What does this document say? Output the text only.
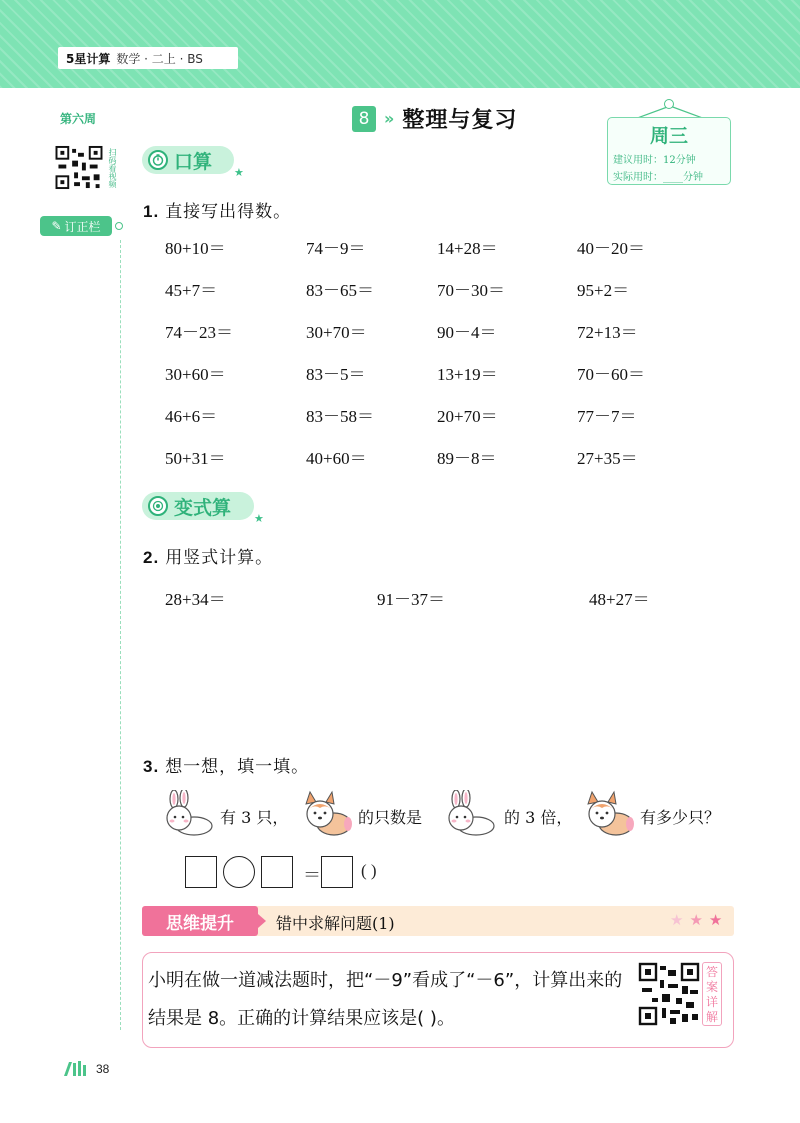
5星计算 数学 · 二上 · BS
第六周
扫码看视频
✎ 订正栏
8 » 整理与复习
周三
建议用时：12分钟
实际用时：____分钟
口算 ★
1. 直接写出得数。
80+10＝	74－9＝	14+28＝	40－20＝
45+7＝	83－65＝	70－30＝	95+2＝
74－23＝	30+70＝	90－4＝	72+13＝
30+60＝	83－5＝	13+19＝	70－60＝
46+6＝	83－58＝	20+70＝	77－7＝
50+31＝	40+60＝	89－8＝	27+35＝
变式算 ★
2. 用竖式计算。
28+34＝	91－37＝	48+27＝
3. 想一想，填一填。
有 3 只，	的只数是	的 3 倍，	有多少只？
＝ ( )
思维提升	错中求解问题(1)	★ ★ ★
小明在做一道减法题时，把“－9”看成了“－6”，计算出来的结果是 8。正确的计算结果应该是( )。
答案详解
38
